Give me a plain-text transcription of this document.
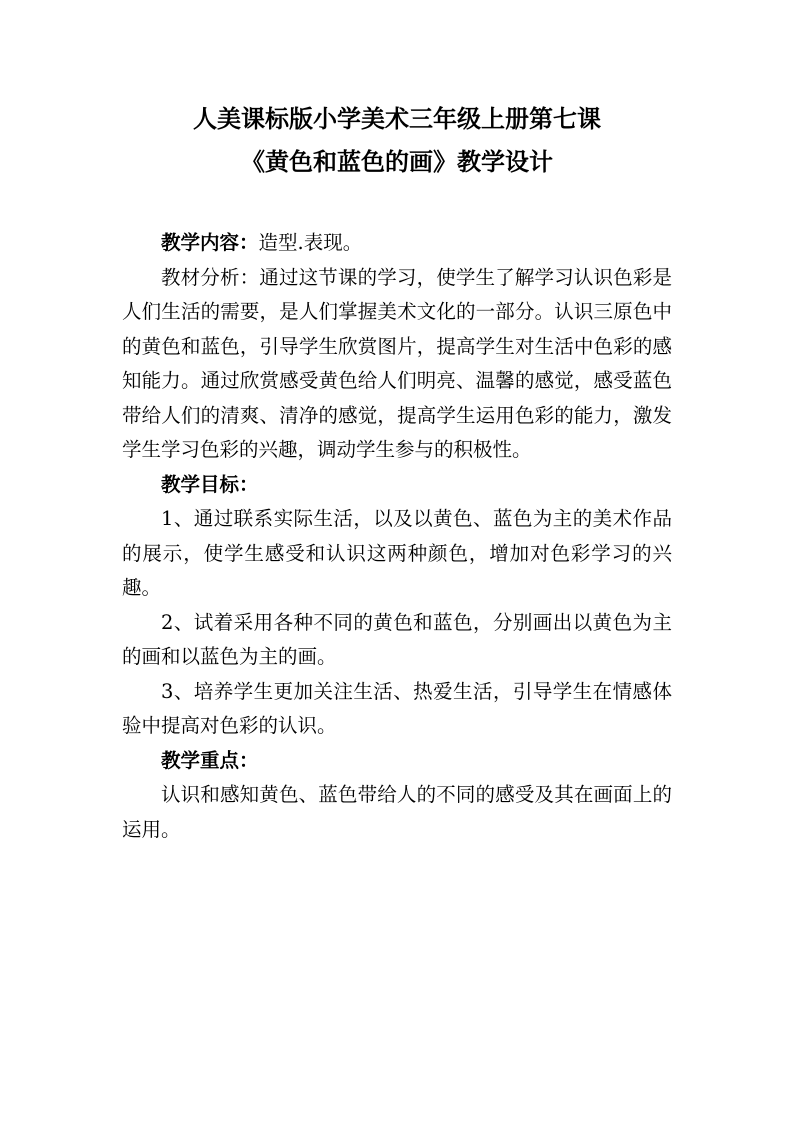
人美课标版小学美术三年级上册第七课
《黄色和蓝色的画》教学设计

教学内容：造型.表现。

教材分析：通过这节课的学习，使学生了解学习认识色彩是人们生活的需要，是人们掌握美术文化的一部分。认识三原色中的黄色和蓝色，引导学生欣赏图片，提高学生对生活中色彩的感知能力。通过欣赏感受黄色给人们明亮、温馨的感觉，感受蓝色带给人们的清爽、清净的感觉，提高学生运用色彩的能力，激发学生学习色彩的兴趣，调动学生参与的积极性。

教学目标：

1、通过联系实际生活，以及以黄色、蓝色为主的美术作品的展示，使学生感受和认识这两种颜色，增加对色彩学习的兴趣。

2、试着采用各种不同的黄色和蓝色，分别画出以黄色为主的画和以蓝色为主的画。

3、培养学生更加关注生活、热爱生活，引导学生在情感体验中提高对色彩的认识。

教学重点：

认识和感知黄色、蓝色带给人的不同的感受及其在画面上的运用。
